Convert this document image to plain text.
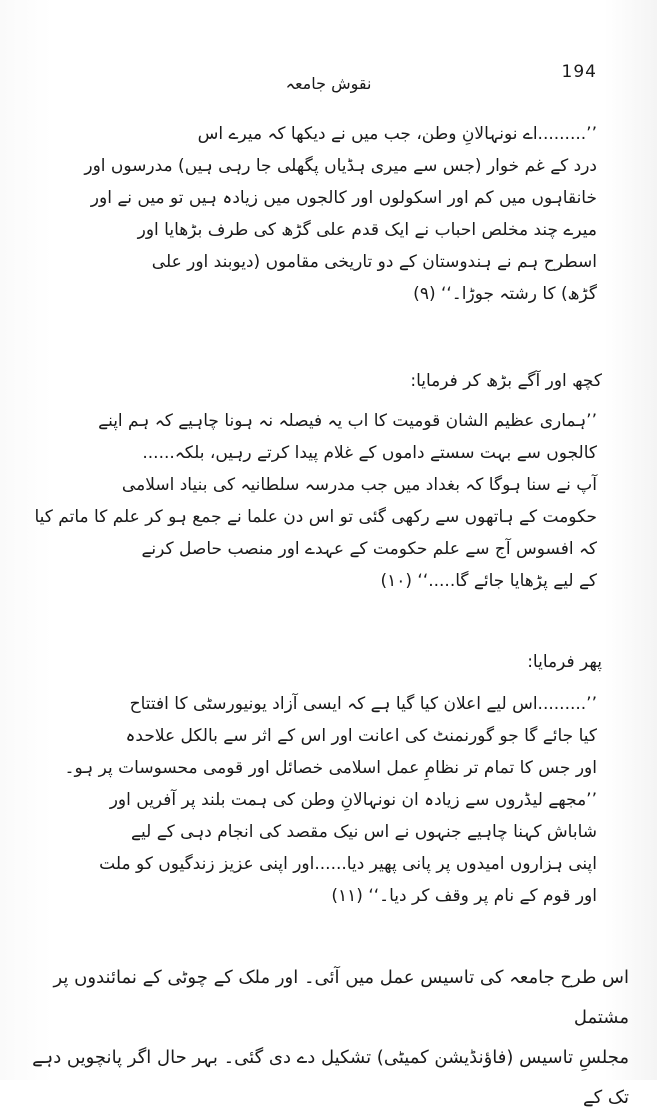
194
نقوش جامعہ
’’.........اے نونہالانِ وطن، جب میں نے دیکھا کہ میرے اس
درد کے غم خوار (جس سے میری ہڈیاں پگھلی جا رہی ہیں) مدرسوں اور
خانقاہوں میں کم اور اسکولوں اور کالجوں میں زیادہ ہیں تو میں نے اور
میرے چند مخلص احباب نے ایک قدم علی گڑھ کی طرف بڑھایا اور
اسطرح ہم نے ہندوستان کے دو تاریخی مقاموں (دیوبند اور علی
گڑھ) کا رشتہ جوڑا۔‘‘ (۹)
کچھ اور آگے بڑھ کر فرمایا:
’’ہماری عظیم الشان قومیت کا اب یہ فیصلہ نہ ہونا چاہیے کہ ہم اپنے
کالجوں سے بہت سستے داموں کے غلام پیدا کرتے رہیں، بلکہ......
آپ نے سنا ہوگا کہ بغداد میں جب مدرسہ سلطانیہ کی بنیاد اسلامی
حکومت کے ہاتھوں سے رکھی گئی تو اس دن علما نے جمع ہو کر علم کا ماتم کیا
کہ افسوس آج سے علم حکومت کے عہدے اور منصب حاصل کرنے
کے لیے پڑھایا جائے گا.....‘‘ (۱۰)
پھر فرمایا:
’’.........اس لیے اعلان کیا گیا ہے کہ ایسی آزاد یونیورسٹی کا افتتاح
کیا جائے گا جو گورنمنٹ کی اعانت اور اس کے اثر سے بالکل علاحدہ
اور جس کا تمام تر نظامِ عمل اسلامی خصائل اور قومی محسوسات پر ہو۔
’’مجھے لیڈروں سے زیادہ ان نونہالانِ وطن کی ہمت بلند پر آفریں اور
شاباش کہنا چاہیے جنہوں نے اس نیک مقصد کی انجام دہی کے لیے
اپنی ہزاروں امیدوں پر پانی پھیر دیا......اور اپنی عزیز زندگیوں کو ملت
اور قوم کے نام پر وقف کر دیا۔‘‘ (۱۱)
اس طرح جامعہ کی تاسیس عمل میں آئی۔ اور ملک کے چوٹی کے نمائندوں پر مشتمل
مجلسِ تاسیس (فاؤنڈیشن کمیٹی) تشکیل دے دی گئی۔ بہر حال اگر پانچویں دہے تک کے
